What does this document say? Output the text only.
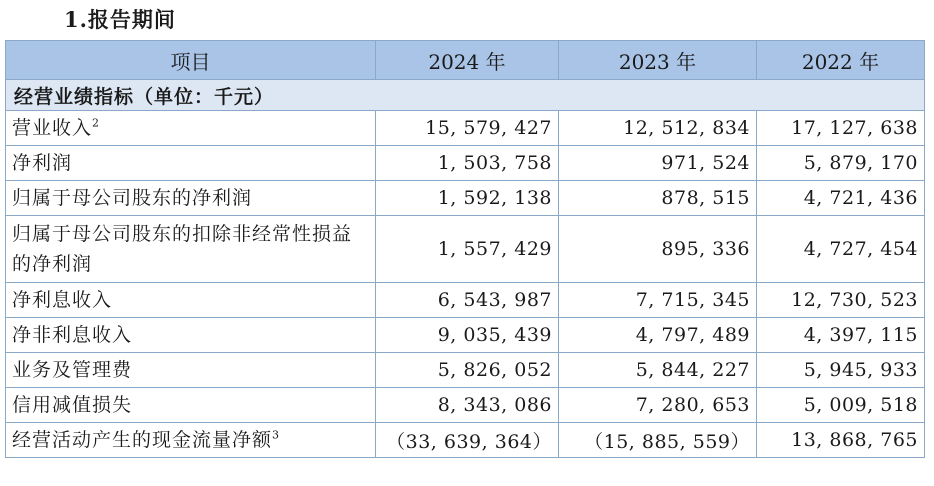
1.报告期间
项目	2024 年	2023 年	2022 年
经营业绩指标（单位：千元）			
营业收入$^2$	15, 579, 427	12, 512, 834	17, 127, 638
净利润	1, 503, 758	971, 524	5, 879, 170
归属于母公司股东的净利润	1, 592, 138	878, 515	4, 721, 436
归属于母公司股东的扣除非经常性损益的净利润	1, 557, 429	895, 336	4, 727, 454
净利息收入	6, 543, 987	7, 715, 345	12, 730, 523
净非利息收入	9, 035, 439	4, 797, 489	4, 397, 115
业务及管理费	5, 826, 052	5, 844, 227	5, 945, 933
信用减值损失	8, 343, 086	7, 280, 653	5, 009, 518
经营活动产生的现金流量净额$^3$	（33, 639, 364）	（15, 885, 559）	13, 868, 765
